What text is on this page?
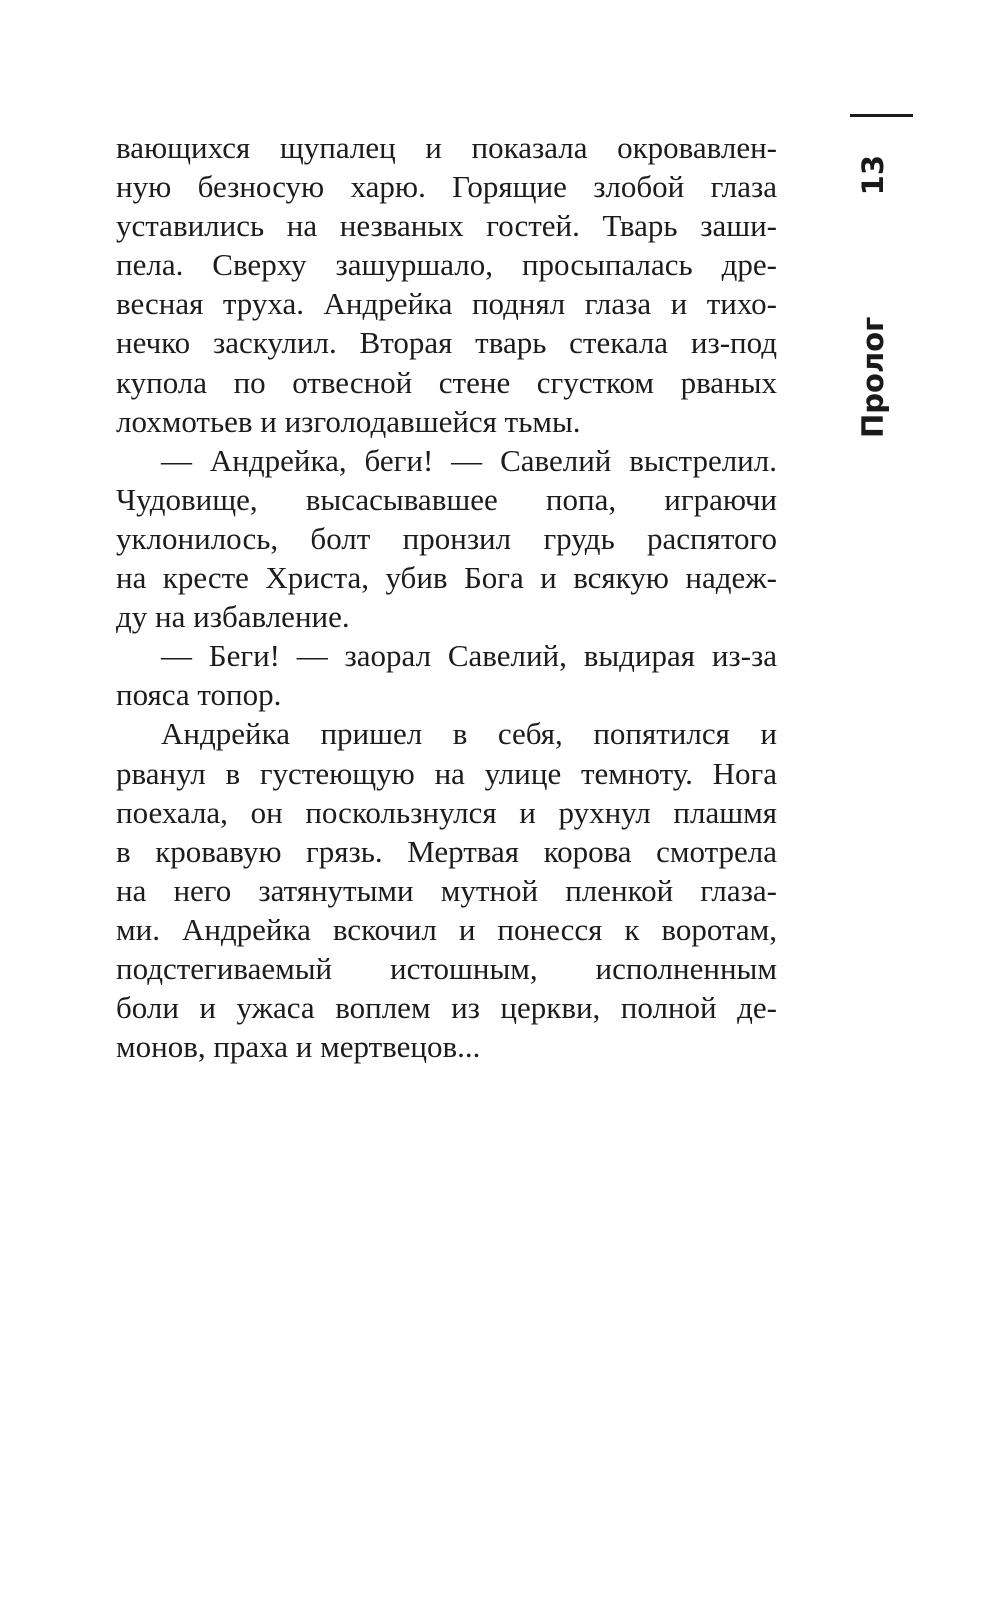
вающихся щупалец и показала окровавлен-
ную безносую харю. Горящие злобой глаза
уставились на незваных гостей. Тварь заши-
пела. Сверху зашуршало, просыпалась дре-
весная труха. Андрейка поднял глаза и тихо-
нечко заскулил. Вторая тварь стекала из-под
купола по отвесной стене сгустком рваных
лохмотьев и изголодавшейся тьмы.
— Андрейка, беги! — Савелий выстрелил.
Чудовище, высасывавшее попа, играючи
уклонилось, болт пронзил грудь распятого
на кресте Христа, убив Бога и всякую надеж-
ду на избавление.
— Беги! — заорал Савелий, выдирая из-за
пояса топор.
Андрейка пришел в себя, попятился и
рванул в густеющую на улице темноту. Нога
поехала, он поскользнулся и рухнул плашмя
в кровавую грязь. Мертвая корова смотрела
на него затянутыми мутной пленкой глаза-
ми. Андрейка вскочил и понесся к воротам,
подстегиваемый истошным, исполненным
боли и ужаса воплем из церкви, полной де-
монов, праха и мертвецов...
Пролог
13
